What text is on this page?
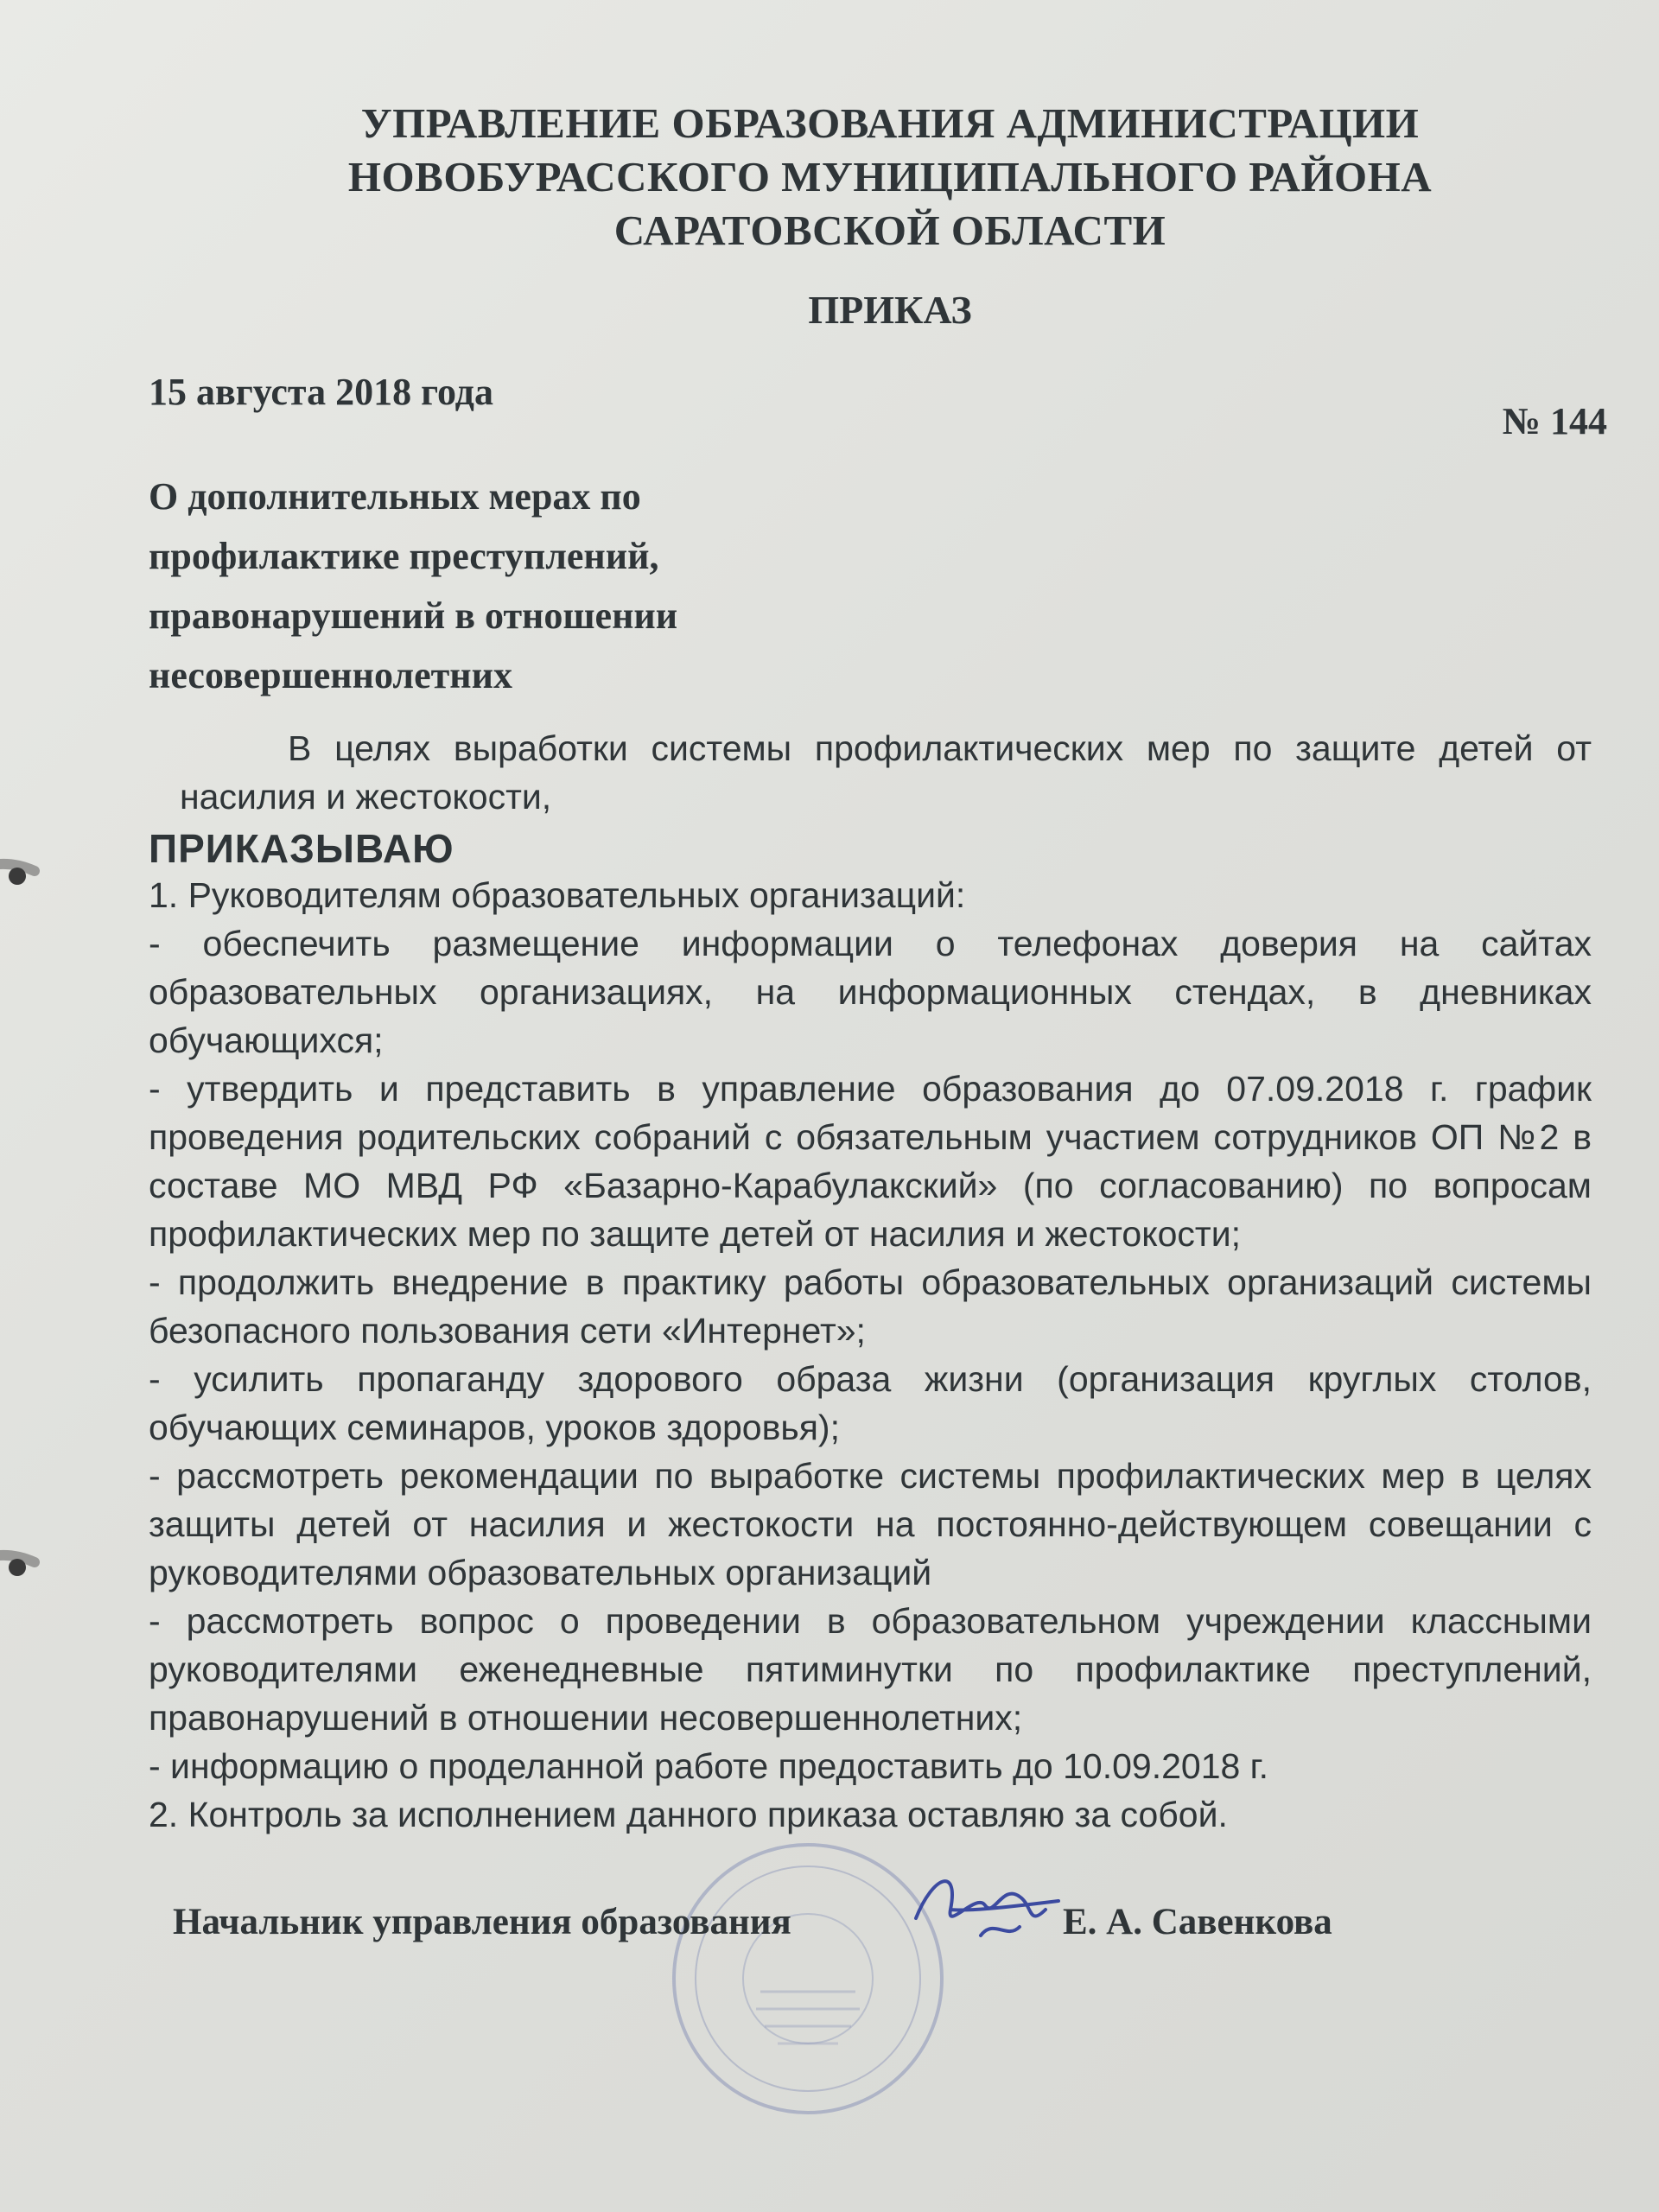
УПРАВЛЕНИЕ ОБРАЗОВАНИЯ АДМИНИСТРАЦИИ
НОВОБУРАССКОГО МУНИЦИПАЛЬНОГО РАЙОНА
САРАТОВСКОЙ ОБЛАСТИ
ПРИКАЗ
15 августа 2018 года
№ 144
О дополнительных мерах по
профилактике преступлений,
правонарушений в отношении
несовершеннолетних

В целях выработки системы профилактических мер по защите детей от насилия и жестокости,

ПРИКАЗЫВАЮ

1. Руководителям образовательных организаций:

- обеспечить размещение информации о телефонах доверия на сайтах образовательных организациях, на информационных стендах, в дневниках обучающихся;

- утвердить и представить в управление образования до 07.09.2018 г. график проведения родительских собраний с обязательным участием сотрудников ОП №2 в составе МО МВД РФ «Базарно-Карабулакский» (по согласованию) по вопросам профилактических мер по защите детей от насилия и жестокости;

- продолжить внедрение в практику работы образовательных организаций системы безопасного пользования сети «Интернет»;

- усилить пропаганду здорового образа жизни (организация круглых столов, обучающих семинаров, уроков здоровья);

- рассмотреть рекомендации по выработке системы профилактических мер в целях защиты детей от насилия и жестокости на постоянно-действующем совещании с руководителями образовательных организаций

- рассмотреть вопрос о проведении в образовательном учреждении классными руководителями еженедневные пятиминутки по профилактике преступлений, правонарушений в отношении несовершеннолетних;

- информацию о проделанной работе предоставить до 10.09.2018 г.

2. Контроль за исполнением данного приказа оставляю за собой.

Начальник управления образования	Е. А. Савенкова
